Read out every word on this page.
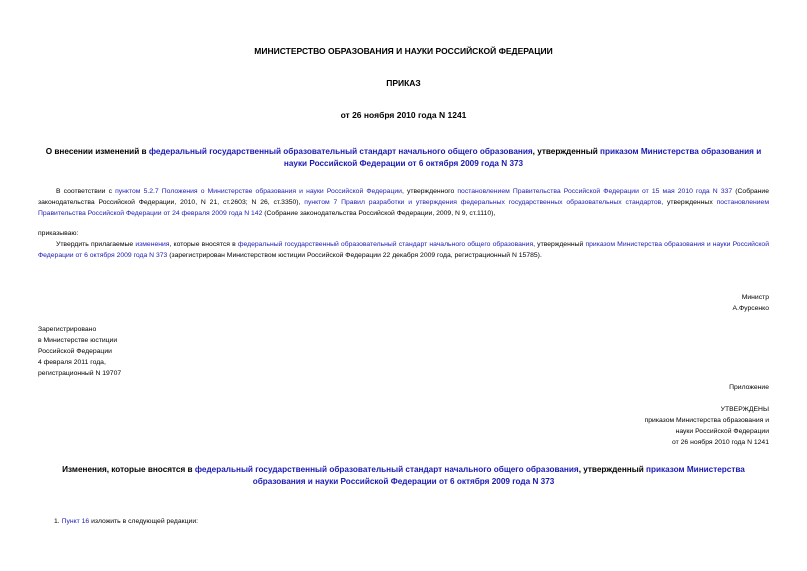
МИНИСТЕРСТВО ОБРАЗОВАНИЯ И НАУКИ РОССИЙСКОЙ ФЕДЕРАЦИИ
ПРИКАЗ
от 26 ноября 2010 года N 1241
О внесении изменений в федеральный государственный образовательный стандарт начального общего образования, утвержденный приказом Министерства образования и науки Российской Федерации от 6 октября 2009 года N 373
В соответствии с пунктом 5.2.7 Положения о Министерстве образования и науки Российской Федерации, утвержденного постановлением Правительства Российской Федерации от 15 мая 2010 года N 337 (Собрание законодательства Российской Федерации, 2010, N 21, ст.2603; N 26, ст.3350), пунктом 7 Правил разработки и утверждения федеральных государственных образовательных стандартов, утвержденных постановлением Правительства Российской Федерации от 24 февраля 2009 года N 142 (Собрание законодательства Российской Федерации, 2009, N 9, ст.1110),
приказываю:
Утвердить прилагаемые изменения, которые вносятся в федеральный государственный образовательный стандарт начального общего образования, утвержденный приказом Министерства образования и науки Российской Федерации от 6 октября 2009 года N 373 (зарегистрирован Министерством юстиции Российской Федерации 22 декабря 2009 года, регистрационный N 15785).
Министр
А.Фурсенко
Зарегистрировано
в Министерстве юстиции
Российской Федерации
4 февраля 2011 года,
регистрационный N 19707
Приложение
УТВЕРЖДЕНЫ
приказом Министерства образования и
науки Российской Федерации
от 26 ноября 2010 года N 1241
Изменения, которые вносятся в федеральный государственный образовательный стандарт начального общего образования, утвержденный приказом Министерства образования и науки Российской Федерации от 6 октября 2009 года N 373
1. Пункт 16 изложить в следующей редакции:
